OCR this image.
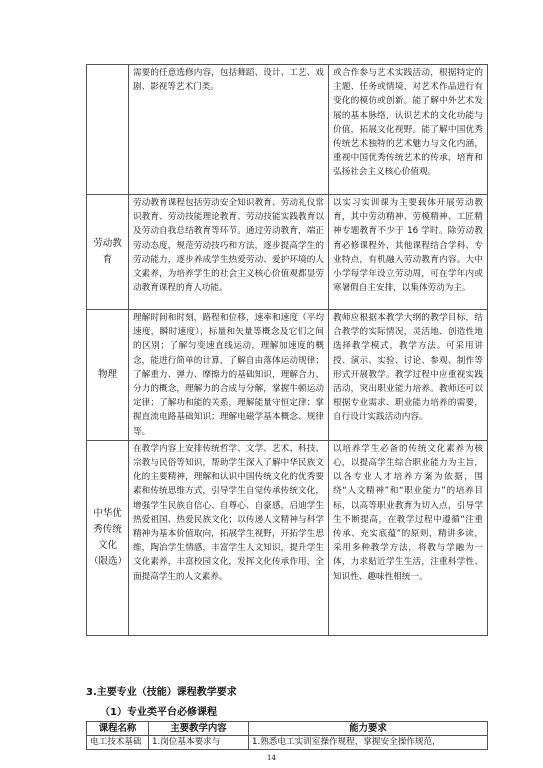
	需要的任意选修内容，包括舞蹈、设计、工艺、戏剧、影视等艺术门类。	或合作参与艺术实践活动，根据特定的主题、任务或情境，对艺术作品进行有变化的模仿或创新。能了解中外艺术发展的基本脉络，认识艺术的文化功能与价值，拓展文化视野。能了解中国优秀传统艺术独特的艺术魅力与文化内涵，重视中国优秀传统艺术的传承，培育和弘扬社会主义核心价值观。
劳动教育	劳动教育课程包括劳动安全知识教育、劳动礼仪常识教育、劳动技能理论教育、劳动技能实践教育以及劳动自我总结教育等环节。通过劳动教育，端正劳动态度，规范劳动技巧和方法，逐步提高学生的劳动能力，逐步养成学生热爱劳动、爱护环境的人文素养，为培养学生的社会主义核心价值观都显劳动教育课程的育人功能。	以实习实训课为主要载体开展劳动教育，其中劳动精神、劳模精神、工匠精神专题教育不少于 16 学时。除劳动教育必修课程外，其他课程结合学科、专业特点，有机融入劳动教育内容。大中小学每学年设立劳动周，可在学年内或寒暑假自主安排，以集体劳动为主。
物理	理解时间和时刻，路程和位移，速率和速度（平均速度，瞬时速度），标量和矢量等概念及它们之间的区别；了解匀变速直线运动，理解加速度的概念，能进行简单的计算，了解自由落体运动规律；了解重力、弹力、摩擦力的基础知识，理解合力、分力的概念，理解力的合成与分解，掌握牛顿运动定律；了解功和能的关系，理解能量守恒定律；掌握直流电路基础知识；理解电磁学基本概念、规律等。	教师应根据本教学大纲的教学目标，结合教学的实际情况，灵活地、创造性地选择教学模式，教学方法。可采用讲授、演示、实验、讨论、参观、制作等形式开展教学。教学过程中应重视实践活动，突出职业能力培养。教师还可以根据专业需求、职业能力培养的需要，自行设计实践活动内容。
中华优秀传统文化（限选）	在教学内容上安排传统哲学、文学、艺术、科技、宗教与民俗等知识，帮助学生深入了解中华民族文化的主要精神，理解和认识中国传统文化的优秀要素和传统思维方式，引导学生自觉传承传统文化，增强学生民族自信心、自尊心、自豪感，启迪学生热爱祖国、热爱民族文化；以传递人文精神与科学精神为基本价值取向，拓展学生视野，开拓学生思维，陶冶学生情感，丰富学生人文知识，提升学生文化素养，丰富校园文化，发挥文化传承作用，全面提高学生的人文素养。	以培养学生必备的传统文化素养为核心，以提高学生综合职业能力为主旨，以各专业人才培养方案为依据，围绕“人文精神”和“职业能力”的培养目标，以高等职业教育为切入点，引导学生不断提高，在教学过程中遵循“注重传承、充实底蕴”的原则，精讲多读，采用多种教学方法，将教与学融为一体，力求贴近学生生活，注重科学性、知识性、趣味性相统一。
3.主要专业（技能）课程教学要求
（1）专业类平台必修课程
课程名称	主要教学内容	能力要求
电工技术基础	1.岗位基本要求与	1.熟悉电工实训室操作规程，掌握安全操作规范，
14
